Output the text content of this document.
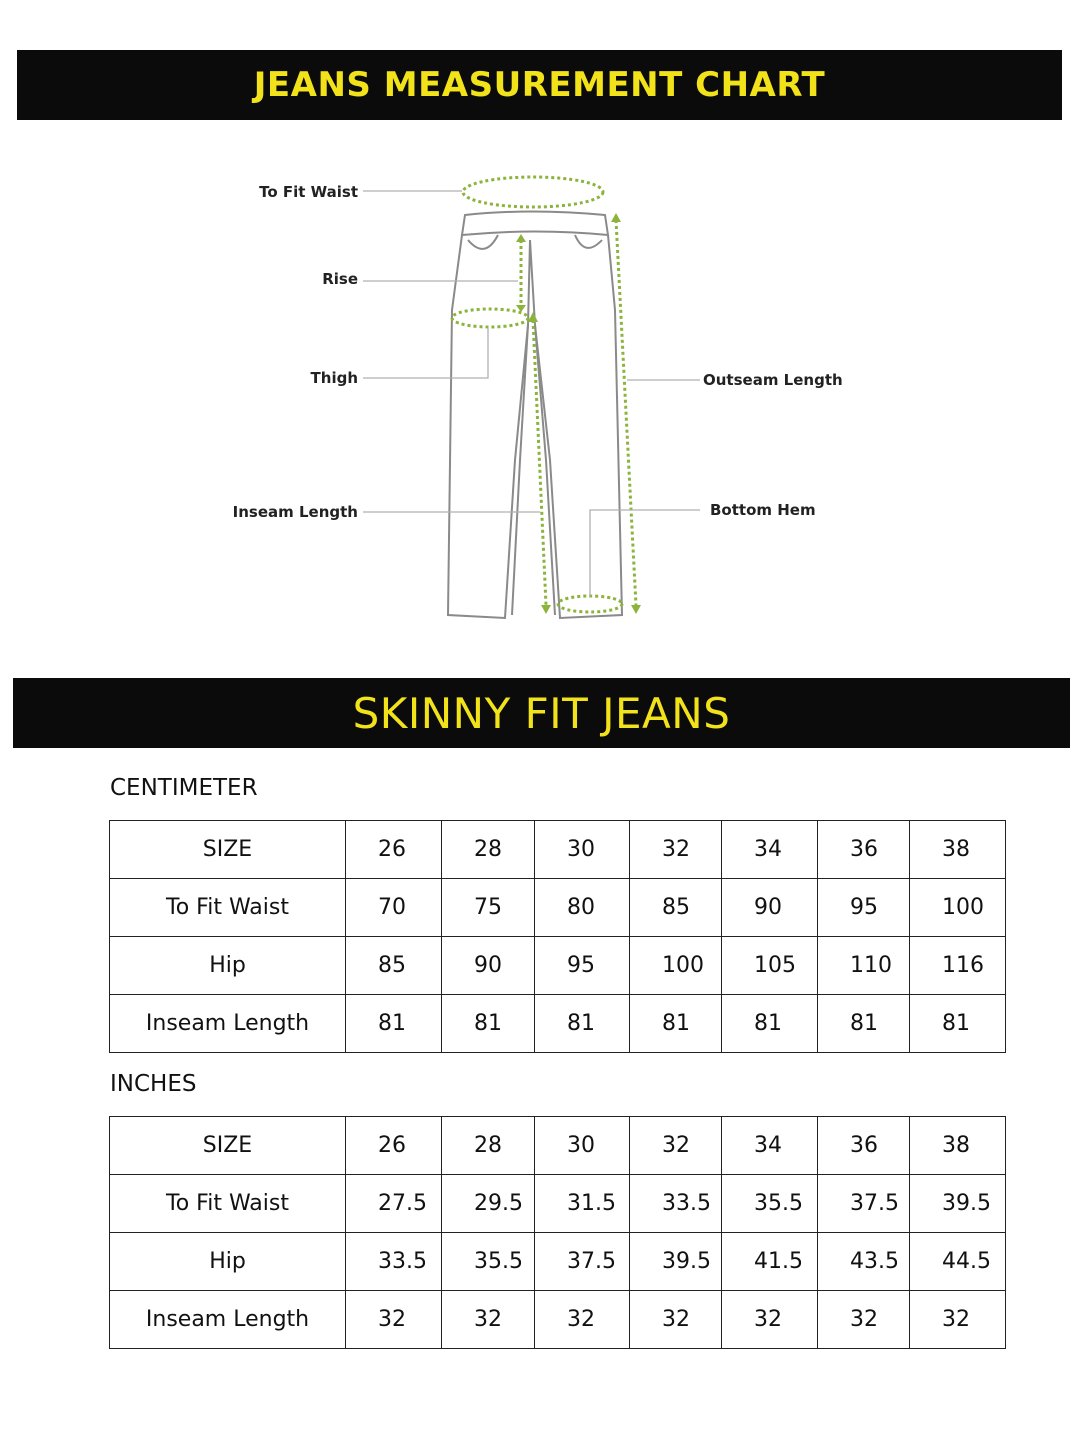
JEANS MEASUREMENT CHART
To Fit Waist
Rise
Thigh
Inseam Length
Outseam Length
Bottom Hem
SKINNY FIT JEANS
CENTIMETER
SIZE	26	28	30	32	34	36	38
To Fit Waist	70	75	80	85	90	95	100
Hip	85	90	95	100	105	110	116
Inseam Length	81	81	81	81	81	81	81
INCHES
SIZE	26	28	30	32	34	36	38
To Fit Waist	27.5	29.5	31.5	33.5	35.5	37.5	39.5
Hip	33.5	35.5	37.5	39.5	41.5	43.5	44.5
Inseam Length	32	32	32	32	32	32	32
